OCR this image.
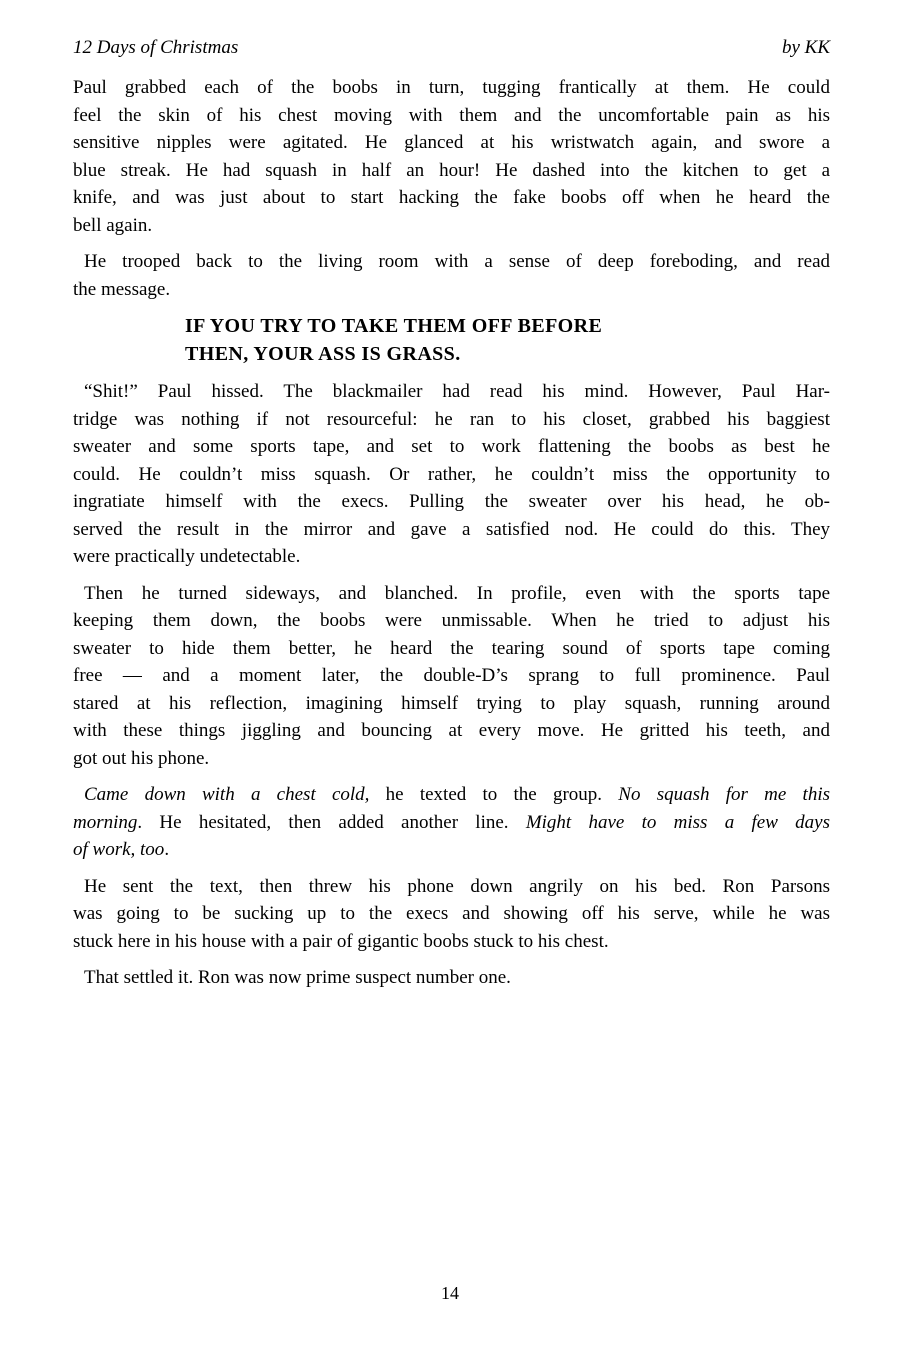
12 Days of Christmas	by KK
Paul grabbed each of the boobs in turn, tugging frantically at them. He could
feel the skin of his chest moving with them and the uncomfortable pain as his
sensitive nipples were agitated. He glanced at his wristwatch again, and swore a
blue streak. He had squash in half an hour! He dashed into the kitchen to get a
knife, and was just about to start hacking the fake boobs off when he heard the
bell again.
He trooped back to the living room with a sense of deep foreboding, and read
the message.
IF YOU TRY TO TAKE THEM OFF BEFORE
THEN, YOUR ASS IS GRASS.
“Shit!” Paul hissed. The blackmailer had read his mind. However, Paul Har-
tridge was nothing if not resourceful: he ran to his closet, grabbed his baggiest
sweater and some sports tape, and set to work flattening the boobs as best he
could. He couldn’t miss squash. Or rather, he couldn’t miss the opportunity to
ingratiate himself with the execs. Pulling the sweater over his head, he ob-
served the result in the mirror and gave a satisfied nod. He could do this. They
were practically undetectable.
Then he turned sideways, and blanched. In profile, even with the sports tape
keeping them down, the boobs were unmissable. When he tried to adjust his
sweater to hide them better, he heard the tearing sound of sports tape coming
free — and a moment later, the double-D’s sprang to full prominence. Paul
stared at his reflection, imagining himself trying to play squash, running around
with these things jiggling and bouncing at every move. He gritted his teeth, and
got out his phone.
Came down with a chest cold, he texted to the group. No squash for me this
morning. He hesitated, then added another line. Might have to miss a few days
of work, too.
He sent the text, then threw his phone down angrily on his bed. Ron Parsons
was going to be sucking up to the execs and showing off his serve, while he was
stuck here in his house with a pair of gigantic boobs stuck to his chest.
That settled it. Ron was now prime suspect number one.
14
